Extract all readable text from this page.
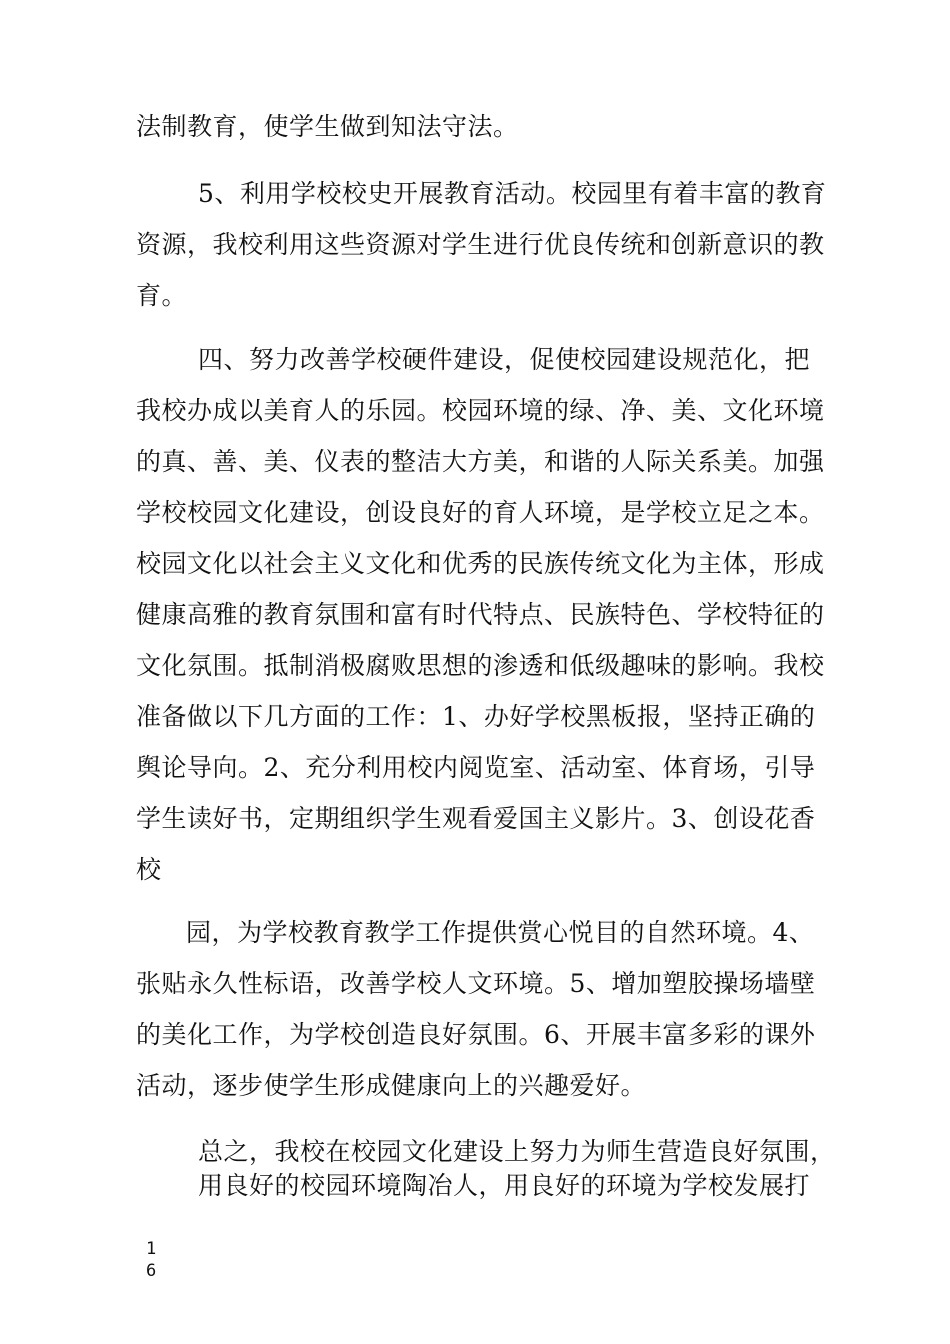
法制教育，使学生做到知法守法。
5、利用学校校史开展教育活动。校园里有着丰富的教育
资源，我校利用这些资源对学生进行优良传统和创新意识的教
育。
四、努力改善学校硬件建设，促使校园建设规范化，把
我校办成以美育人的乐园。校园环境的绿、净、美、文化环境
的真、善、美、仪表的整洁大方美，和谐的人际关系美。加强
学校校园文化建设，创设良好的育人环境，是学校立足之本。
校园文化以社会主义文化和优秀的民族传统文化为主体，形成
健康高雅的教育氛围和富有时代特点、民族特色、学校特征的
文化氛围。抵制消极腐败思想的渗透和低级趣味的影响。我校
准备做以下几方面的工作：1、办好学校黑板报，坚持正确的
舆论导向。2、充分利用校内阅览室、活动室、体育场，引导
学生读好书，定期组织学生观看爱国主义影片。3、创设花香
校
园，为学校教育教学工作提供赏心悦目的自然环境。4、
张贴永久性标语，改善学校人文环境。5、增加塑胶操场墙壁
的美化工作，为学校创造良好氛围。6、开展丰富多彩的课外
活动，逐步使学生形成健康向上的兴趣爱好。
总之，我校在校园文化建设上努力为师生营造良好氛围，
用良好的校园环境陶冶人，用良好的环境为学校发展打
1
6
